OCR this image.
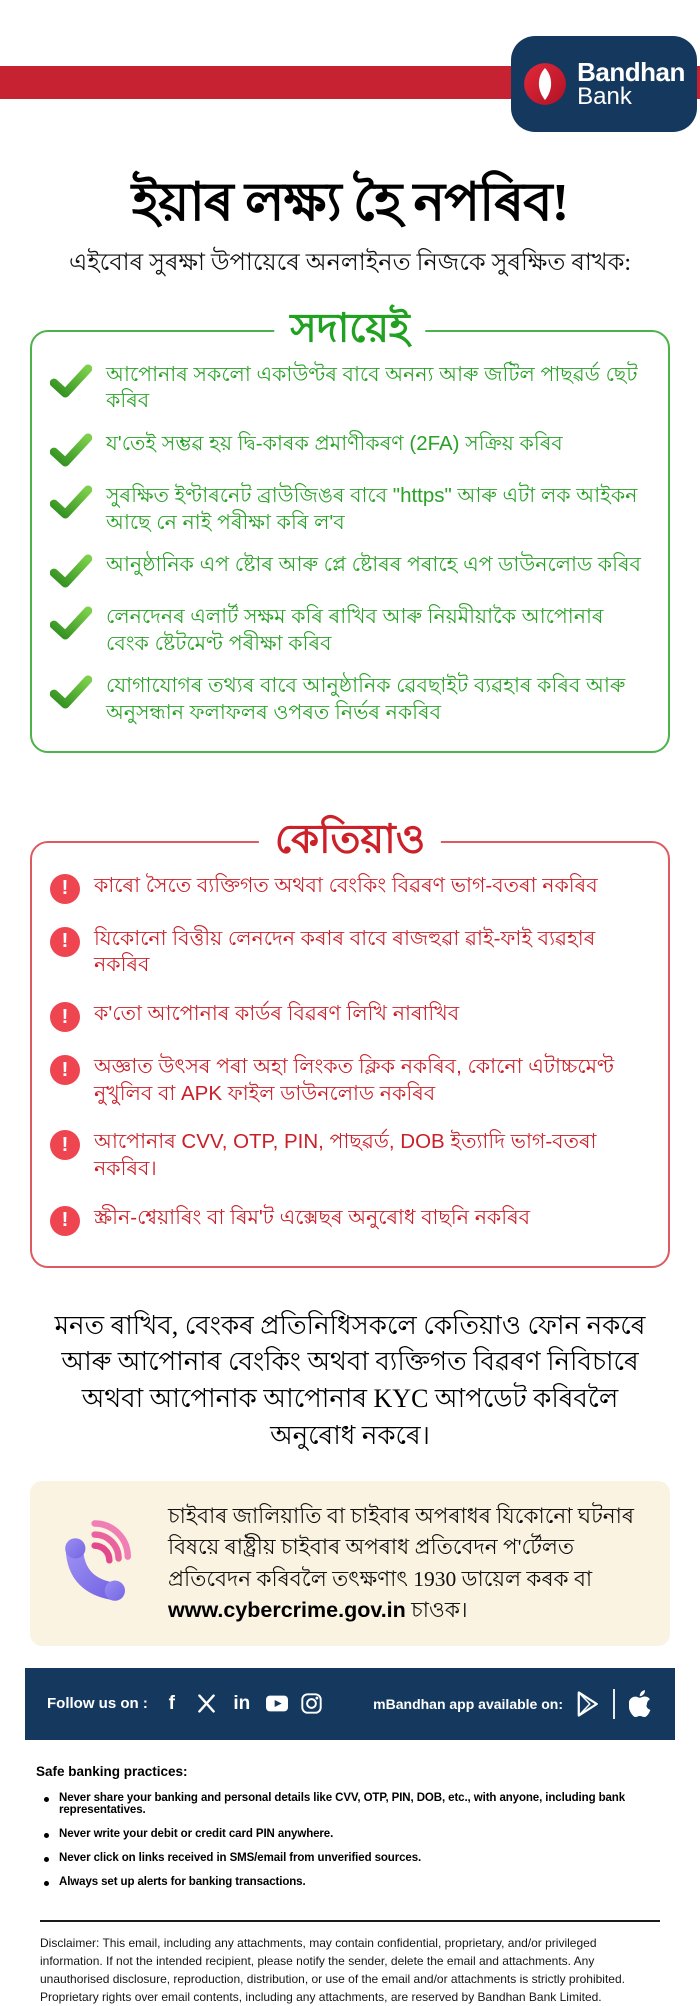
Bandhan
Bank
ইয়াৰ লক্ষ্য হৈ নপৰিব!

এইবোৰ সুৰক্ষা উপায়েৰে অনলাইনত নিজকে সুৰক্ষিত ৰাখক:

সদায়েই
আপোনাৰ সকলো একাউণ্টৰ বাবে অনন্য আৰু জটিল পাছৱৰ্ড ছেট কৰিব
য'তেই সম্ভৱ হয় দ্বি-কাৰক প্ৰমাণীকৰণ (2FA) সক্ৰিয় কৰিব
সুৰক্ষিত ইণ্টাৰনেট ব্ৰাউজিঙৰ বাবে "https" আৰু এটা লক আইকন আছে নে নাই পৰীক্ষা কৰি ল'ব
আনুষ্ঠানিক এপ ষ্টোৰ আৰু প্লে ষ্টোৰৰ পৰাহে এপ ডাউনলোড কৰিব
লেনদেনৰ এলাৰ্ট সক্ষম কৰি ৰাখিব আৰু নিয়মীয়াকৈ আপোনাৰ বেংক ষ্টেটমেণ্ট পৰীক্ষা কৰিব
যোগাযোগৰ তথ্যৰ বাবে আনুষ্ঠানিক ৱেবছাইট ব্যৱহাৰ কৰিব আৰু অনুসন্ধান ফলাফলৰ ওপৰত নিৰ্ভৰ নকৰিব
কেতিয়াও
!
কাৰো সৈতে ব্যক্তিগত অথবা বেংকিং বিৱৰণ ভাগ-বতৰা নকৰিব
!
যিকোনো বিত্তীয় লেনদেন কৰাৰ বাবে ৰাজহুৱা ৱাই-ফাই ব্যৱহাৰ নকৰিব
!
ক'তো আপোনাৰ কাৰ্ডৰ বিৱৰণ লিখি নাৰাখিব
!
অজ্ঞাত উৎসৰ পৰা অহা লিংকত ক্লিক নকৰিব, কোনো এটাচ্চমেণ্ট নুখুলিব বা APK ফাইল ডাউনলোড নকৰিব
!
আপোনাৰ CVV, OTP, PIN, পাছৱৰ্ড, DOB ইত্যাদি ভাগ-বতৰা নকৰিব।
!
স্ক্ৰীন-শ্বেয়াৰিং বা ৰিম'ট এক্সেছৰ অনুৰোধ বাছনি নকৰিব

মনত ৰাখিব, বেংকৰ প্ৰতিনিধিসকলে কেতিয়াও ফোন নকৰে আৰু আপোনাৰ বেংকিং অথবা ব্যক্তিগত বিৱৰণ নিবিচাৰে অথবা আপোনাক আপোনাৰ KYC আপডেট কৰিবলৈ অনুৰোধ নকৰে।

চাইবাৰ জালিয়াতি বা চাইবাৰ অপৰাধৰ যিকোনো ঘটনাৰ বিষয়ে ৰাষ্ট্ৰীয় চাইবাৰ অপৰাধ প্ৰতিবেদন প'ৰ্টেলত প্ৰতিবেদন কৰিবলৈ তৎক্ষণাৎ 1930 ডায়েল কৰক বা www.cybercrime.gov.in চাওক।

Follow us on :	f	in	mBandhan app available on:
Safe banking practices:
Never share your banking and personal details like CVV, OTP, PIN, DOB, etc., with anyone, including bank representatives.
Never write your debit or credit card PIN anywhere.
Never click on links received in SMS/email from unverified sources.
Always set up alerts for banking transactions.

Disclaimer: This email, including any attachments, may contain confidential, proprietary, and/or privileged information. If not the intended recipient, please notify the sender, delete the email and attachments. Any unauthorised disclosure, reproduction, distribution, or use of the email and/or attachments is strictly prohibited. Proprietary rights over email contents, including any attachments, are reserved by Bandhan Bank Limited.
